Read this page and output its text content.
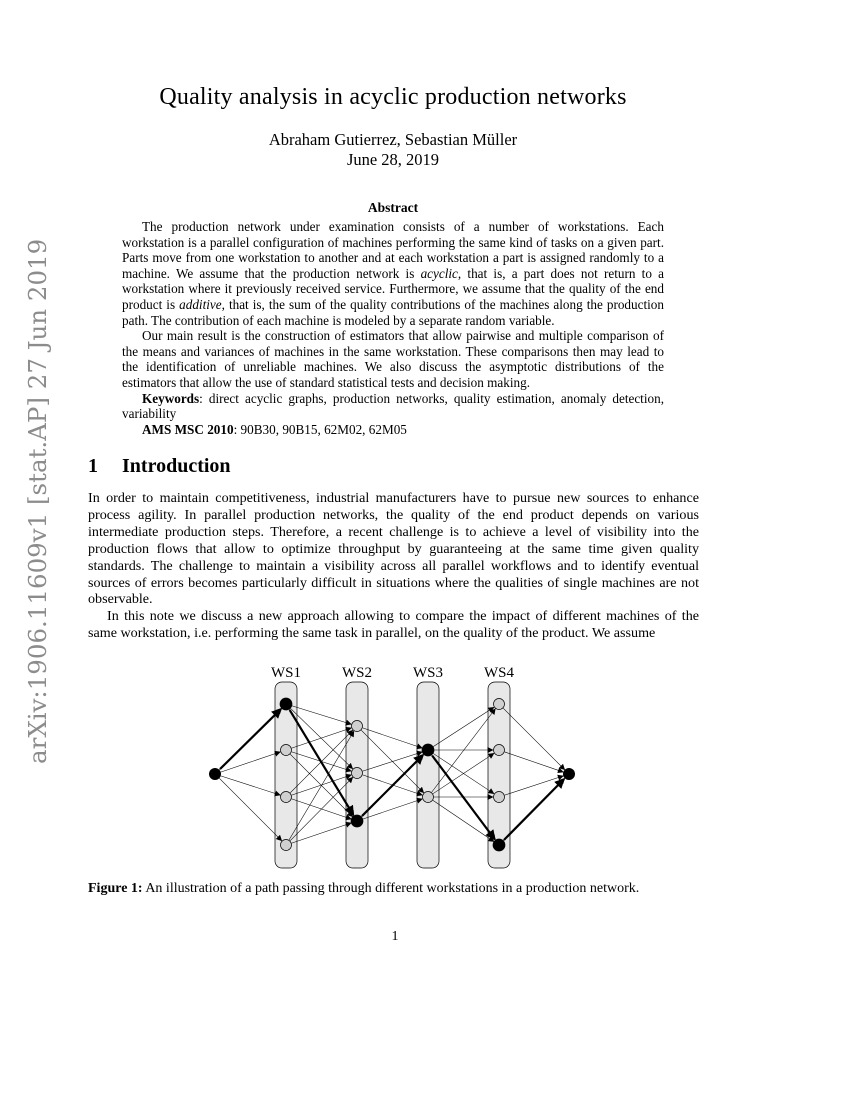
arXiv:1906.11609v1 [stat.AP] 27 Jun 2019
Quality analysis in acyclic production networks
Abraham Gutierrez, Sebastian Müller
June 28, 2019
Abstract

The production network under examination consists of a number of workstations. Each workstation is a parallel configuration of machines performing the same kind of tasks on a given part. Parts move from one workstation to another and at each workstation a part is assigned randomly to a machine. We assume that the production network is acyclic, that is, a part does not return to a workstation where it previously received service. Furthermore, we assume that the quality of the end product is additive, that is, the sum of the quality contributions of the machines along the production path. The contribution of each machine is modeled by a separate random variable.

Our main result is the construction of estimators that allow pairwise and multiple comparison of the means and variances of machines in the same workstation. These comparisons then may lead to the identification of unreliable machines. We also discuss the asymptotic distributions of the estimators that allow the use of standard statistical tests and decision making.

Keywords: direct acyclic graphs, production networks, quality estimation, anomaly detection, variability

AMS MSC 2010: 90B30, 90B15, 62M02, 62M05

1 Introduction

In order to maintain competitiveness, industrial manufacturers have to pursue new sources to enhance process agility. In parallel production networks, the quality of the end product depends on various intermediate production steps. Therefore, a recent challenge is to achieve a level of visibility into the production flows that allow to optimize throughput by guaranteeing at the same time given quality standards. The challenge to maintain a visibility across all parallel workflows and to identify eventual sources of errors becomes particularly difficult in situations where the qualities of single machines are not observable.

In this note we discuss a new approach allowing to compare the impact of different machines of the same workstation, i.e. performing the same task in parallel, on the quality of the product. We assume

WS1	WS2	WS3	WS4
Figure 1: An illustration of a path passing through different workstations in a production network.
1
